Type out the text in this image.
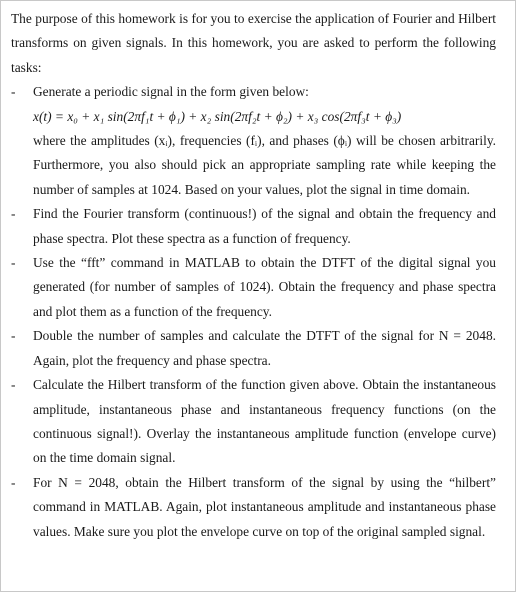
The purpose of this homework is for you to exercise the application of Fourier and Hilbert transforms on given signals. In this homework, you are asked to perform the following tasks:

-	Generate a periodic signal in the form given below:
x(t) = x₀ + x₁ sin(2πf₁t + ϕ₁) + x₂ sin(2πf₂t + ϕ₂) + x₃ cos(2πf₃t + ϕ₃)
where the amplitudes (xᵢ), frequencies (fᵢ), and phases (ϕᵢ) will be chosen arbitrarily. Furthermore, you also should pick an appropriate sampling rate while keeping the number of samples at 1024. Based on your values, plot the signal in time domain.
-	Find the Fourier transform (continuous!) of the signal and obtain the frequency and phase spectra. Plot these spectra as a function of frequency.
-	Use the “fft” command in MATLAB to obtain the DTFT of the digital signal you generated (for number of samples of 1024). Obtain the frequency and phase spectra and plot them as a function of the frequency.
-	Double the number of samples and calculate the DTFT of the signal for N = 2048. Again, plot the frequency and phase spectra.
-	Calculate the Hilbert transform of the function given above. Obtain the instantaneous amplitude, instantaneous phase and instantaneous frequency functions (on the continuous signal!). Overlay the instantaneous amplitude function (envelope curve) on the time domain signal.
-	For N = 2048, obtain the Hilbert transform of the signal by using the “hilbert” command in MATLAB. Again, plot instantaneous amplitude and instantaneous phase values. Make sure you plot the envelope curve on top of the original sampled signal.
